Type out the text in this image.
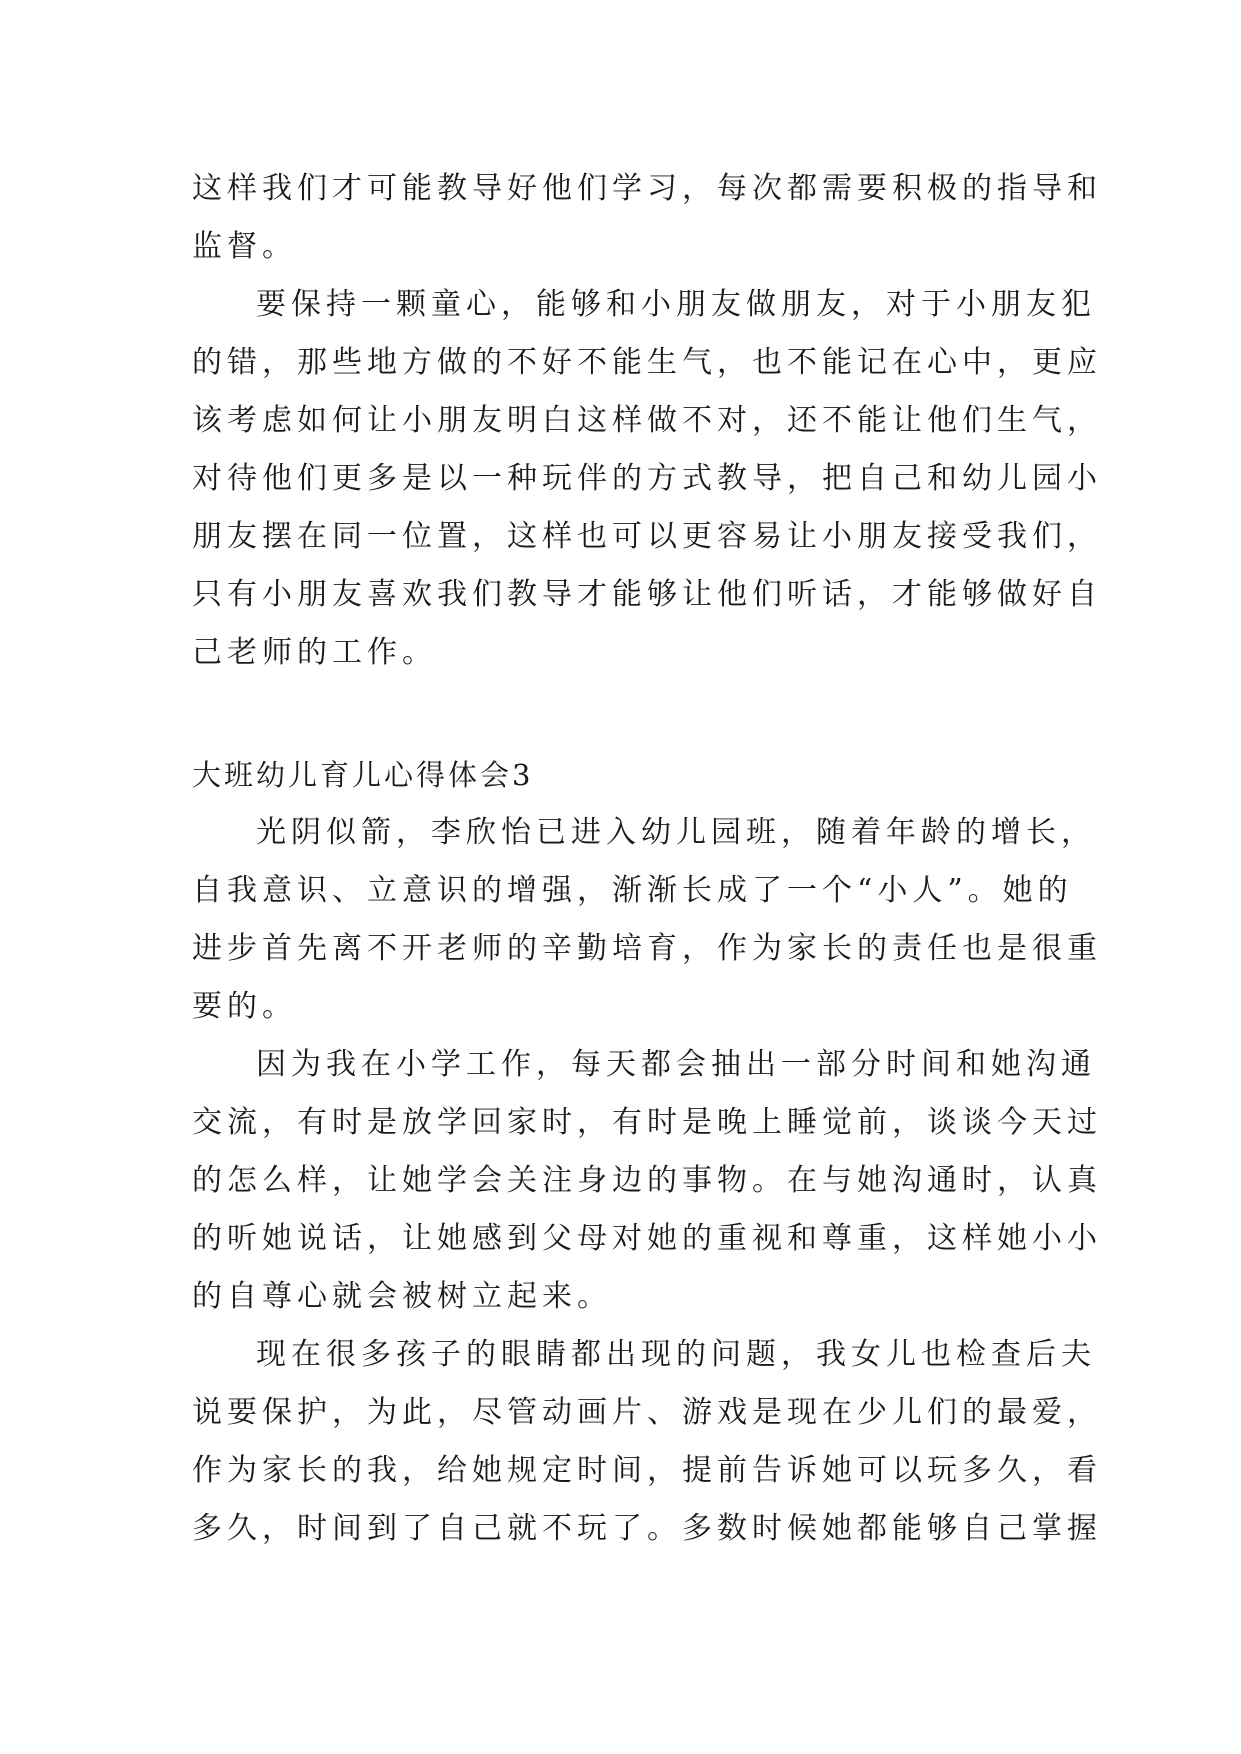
这样我们才可能教导好他们学习，每次都需要积极的指导和
监督。
要保持一颗童心，能够和小朋友做朋友，对于小朋友犯
的错，那些地方做的不好不能生气，也不能记在心中，更应
该考虑如何让小朋友明白这样做不对，还不能让他们生气，
对待他们更多是以一种玩伴的方式教导，把自己和幼儿园小
朋友摆在同一位置，这样也可以更容易让小朋友接受我们，
只有小朋友喜欢我们教导才能够让他们听话，才能够做好自
己老师的工作。
大班幼儿育儿心得体会3
光阴似箭，李欣怡已进入幼儿园班，随着年龄的增长，
自我意识、立意识的增强，渐渐长成了一个“小人”。她的
进步首先离不开老师的辛勤培育，作为家长的责任也是很重
要的。
因为我在小学工作，每天都会抽出一部分时间和她沟通
交流，有时是放学回家时，有时是晚上睡觉前，谈谈今天过
的怎么样，让她学会关注身边的事物。在与她沟通时，认真
的听她说话，让她感到父母对她的重视和尊重，这样她小小
的自尊心就会被树立起来。
现在很多孩子的眼睛都出现的问题，我女儿也检查后夫
说要保护，为此，尽管动画片、游戏是现在少儿们的最爱，
作为家长的我，给她规定时间，提前告诉她可以玩多久，看
多久，时间到了自己就不玩了。多数时候她都能够自己掌握
